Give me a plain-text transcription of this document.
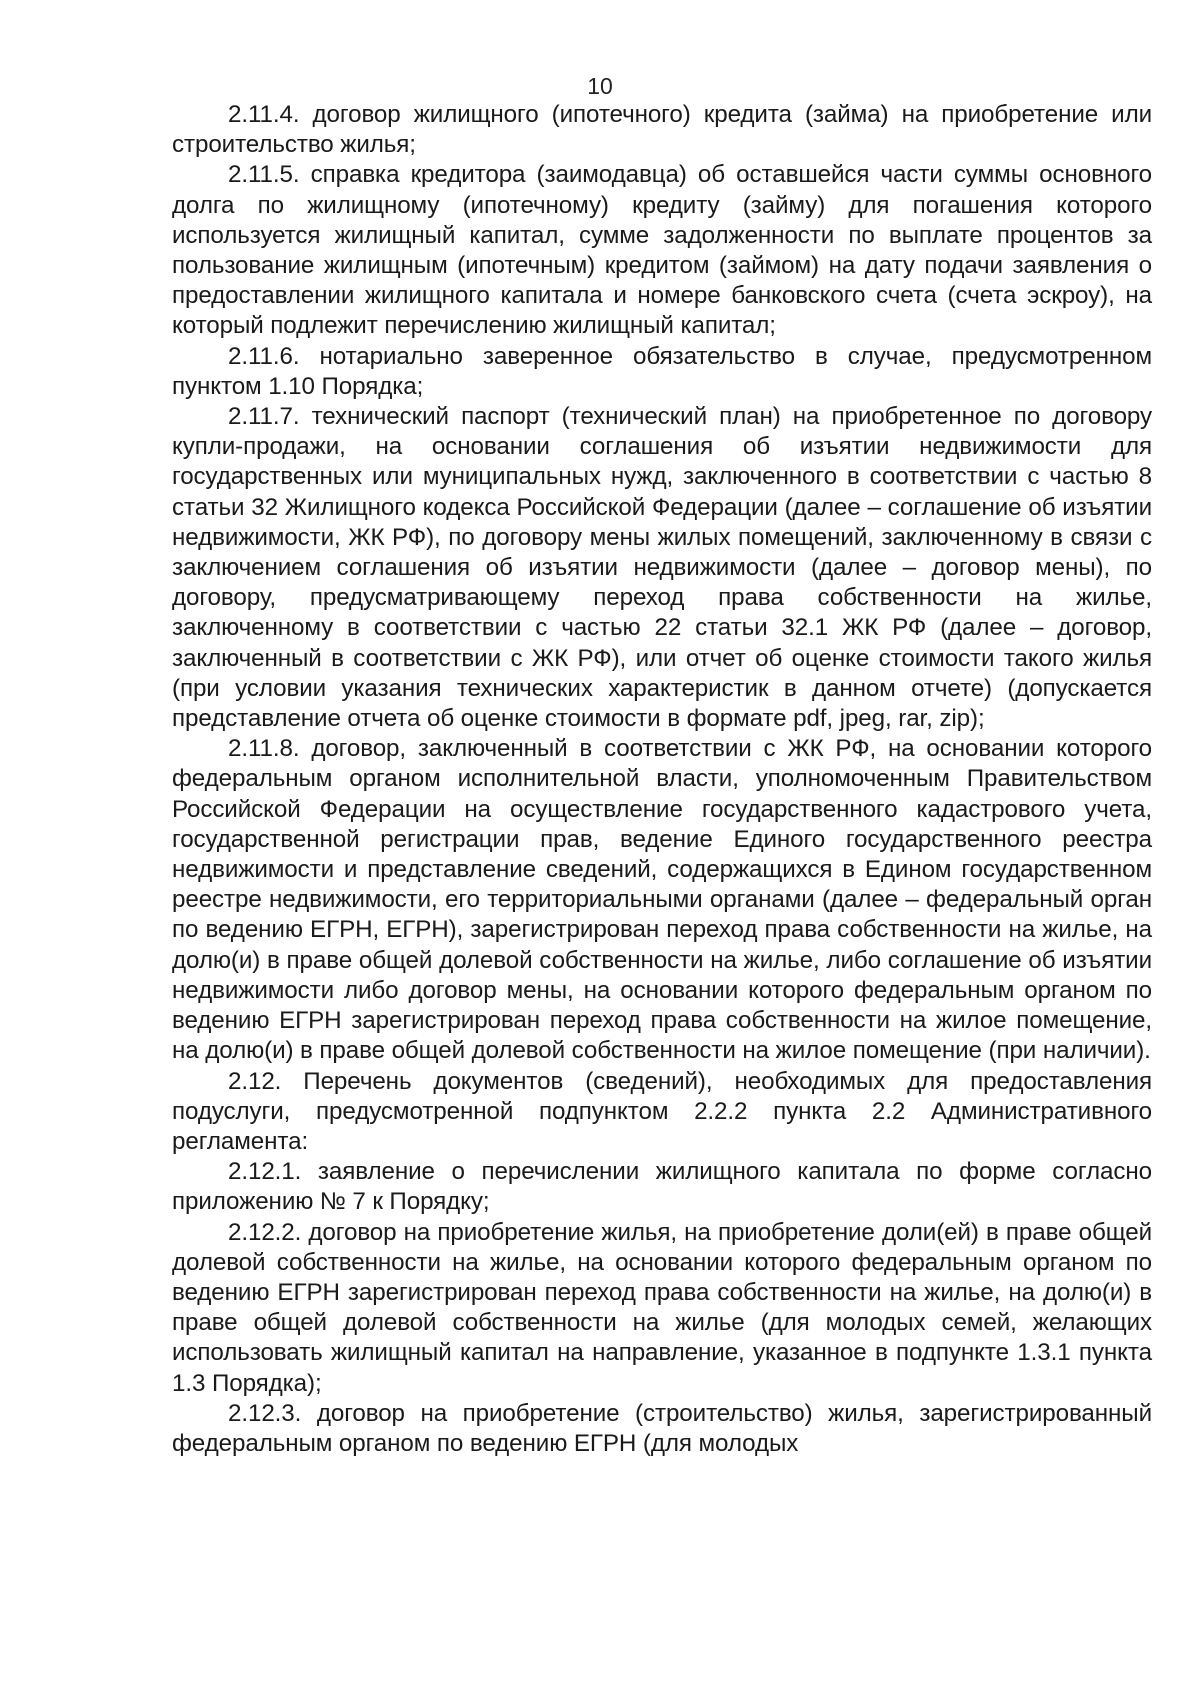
10

2.11.4. договор жилищного (ипотечного) кредита (займа) на приобретение или строительство жилья;

2.11.5. справка кредитора (заимодавца) об оставшейся части суммы основного долга по жилищному (ипотечному) кредиту (займу) для погашения которого используется жилищный капитал, сумме задолженности по выплате процентов за пользование жилищным (ипотечным) кредитом (займом) на дату подачи заявления о предоставлении жилищного капитала и номере банковского счета (счета эскроу), на который подлежит перечислению жилищный капитал;

2.11.6. нотариально заверенное обязательство в случае, предусмотренном пунктом 1.10 Порядка;

2.11.7. технический паспорт (технический план) на приобретенное по договору купли-продажи, на основании соглашения об изъятии недвижимости для государственных или муниципальных нужд, заключенного в соответствии с частью 8 статьи 32 Жилищного кодекса Российской Федерации (далее – соглашение об изъятии недвижимости, ЖК РФ), по договору мены жилых помещений, заключенному в связи с заключением соглашения об изъятии недвижимости (далее – договор мены), по договору, предусматривающему переход права собственности на жилье, заключенному в соответствии с частью 22 статьи 32.1 ЖК РФ (далее – договор, заключенный в соответствии с ЖК РФ), или отчет об оценке стоимости такого жилья (при условии указания технических характеристик в данном отчете) (допускается представление отчета об оценке стоимости в формате pdf, jpeg, rar, zip);

2.11.8. договор, заключенный в соответствии с ЖК РФ, на основании которого федеральным органом исполнительной власти, уполномоченным Правительством Российской Федерации на осуществление государственного кадастрового учета, государственной регистрации прав, ведение Единого государственного реестра недвижимости и представление сведений, содержащихся в Едином государственном реестре недвижимости, его территориальными органами (далее – федеральный орган по ведению ЕГРН, ЕГРН), зарегистрирован переход права собственности на жилье, на долю(и) в праве общей долевой собственности на жилье, либо соглашение об изъятии недвижимости либо договор мены, на основании которого федеральным органом по ведению ЕГРН зарегистрирован переход права собственности на жилое помещение, на долю(и) в праве общей долевой собственности на жилое помещение (при наличии).

2.12. Перечень документов (сведений), необходимых для предоставления подуслуги, предусмотренной подпунктом 2.2.2 пункта 2.2 Административного регламента:

2.12.1. заявление о перечислении жилищного капитала по форме согласно приложению № 7 к Порядку;

2.12.2. договор на приобретение жилья, на приобретение доли(ей) в праве общей долевой собственности на жилье, на основании которого федеральным органом по ведению ЕГРН зарегистрирован переход права собственности на жилье, на долю(и) в праве общей долевой собственности на жилье (для молодых семей, желающих использовать жилищный капитал на направление, указанное в подпункте 1.3.1 пункта 1.3 Порядка);

2.12.3. договор на приобретение (строительство) жилья, зарегистрированный федеральным органом по ведению ЕГРН (для молодых
